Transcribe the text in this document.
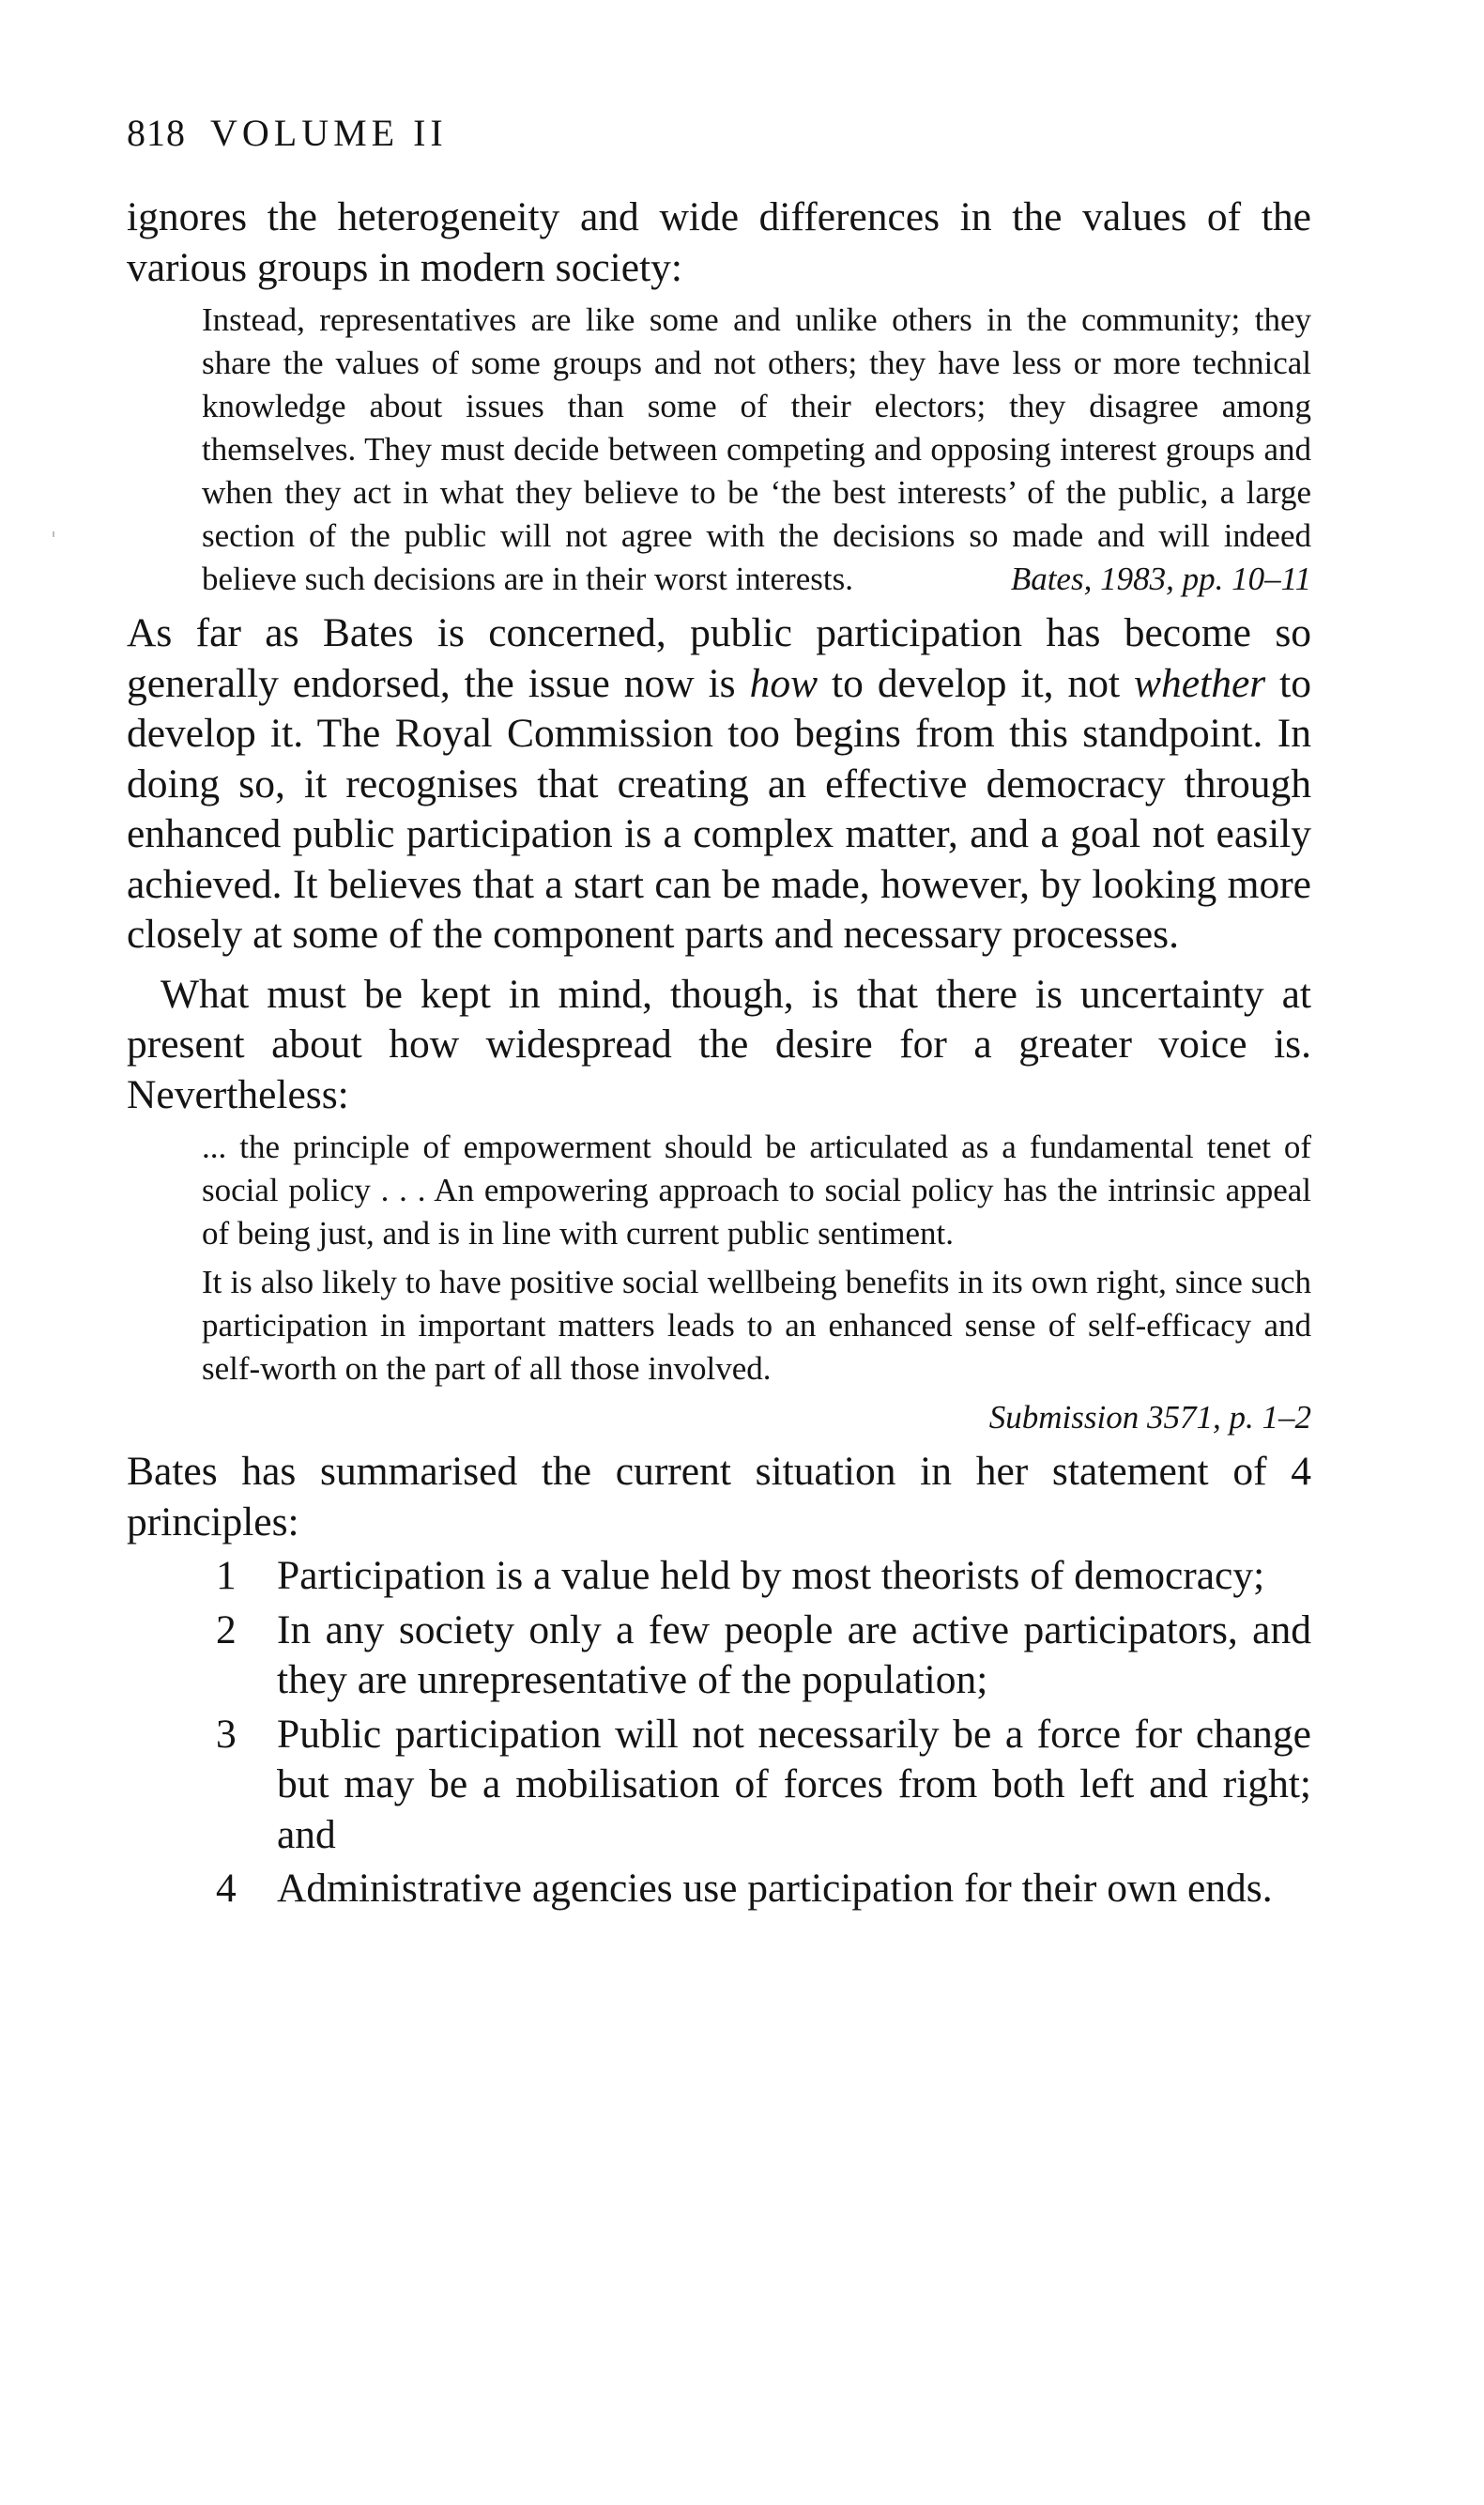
818 VOLUME II

ignores the heterogeneity and wide differences in the values of the various groups in modern society:

Instead, representatives are like some and unlike others in the community; they share the values of some groups and not others; they have less or more technical knowledge about issues than some of their electors; they disagree among themselves. They must decide between competing and opposing interest groups and when they act in what they believe to be ‘the best interests’ of the public, a large section of the public will not agree with the decisions so made and will indeed believe such decisions are in their worst interests.	Bates, 1983, pp. 10–11

As far as Bates is concerned, public participation has become so generally endorsed, the issue now is how to develop it, not whether to develop it. The Royal Commission too begins from this standpoint. In doing so, it recognises that creating an effective democracy through enhanced public participation is a complex matter, and a goal not easily achieved. It believes that a start can be made, however, by looking more closely at some of the component parts and necessary processes.

What must be kept in mind, though, is that there is uncertainty at present about how widespread the desire for a greater voice is. Nevertheless:

... the principle of empowerment should be articulated as a fundamental tenet of social policy . . . An empowering approach to social policy has the intrinsic appeal of being just, and is in line with current public sentiment.

It is also likely to have positive social wellbeing benefits in its own right, since such participation in important matters leads to an enhanced sense of self-efficacy and self-worth on the part of all those involved.

Submission 3571, p. 1–2

Bates has summarised the current situation in her statement of 4 principles:

1 Participation is a value held by most theorists of democracy;
2 In any society only a few people are active participators, and they are unrepresentative of the population;
3 Public participation will not necessarily be a force for change but may be a mobilisation of forces from both left and right; and
4 Administrative agencies use participation for their own ends.
